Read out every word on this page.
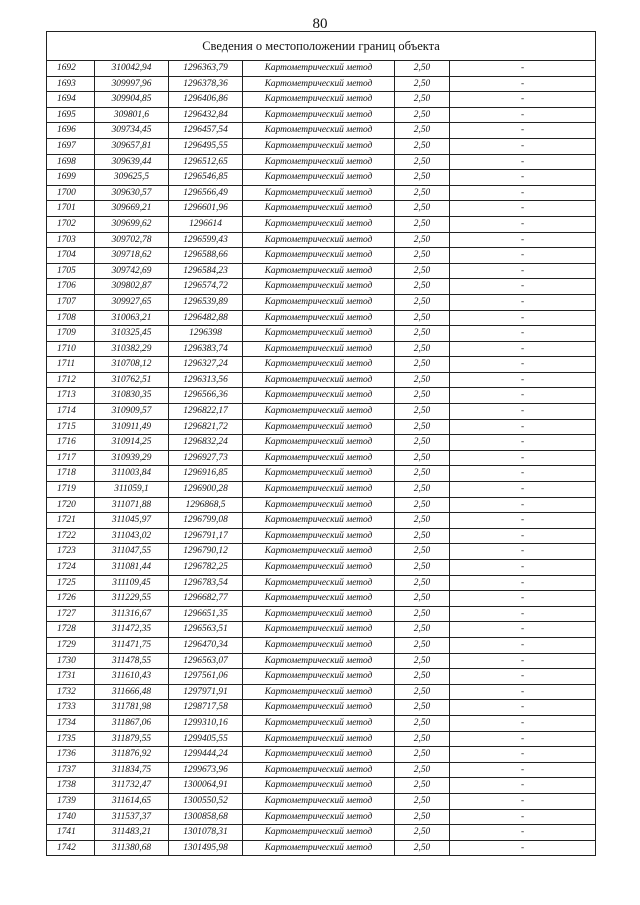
80
Сведения о местоположении границ объекта					
1692	310042,94	1296363,79	Картометрический метод	2,50	-
1693	309997,96	1296378,36	Картометрический метод	2,50	-
1694	309904,85	1296406,86	Картометрический метод	2,50	-
1695	309801,6	1296432,84	Картометрический метод	2,50	-
1696	309734,45	1296457,54	Картометрический метод	2,50	-
1697	309657,81	1296495,55	Картометрический метод	2,50	-
1698	309639,44	1296512,65	Картометрический метод	2,50	-
1699	309625,5	1296546,85	Картометрический метод	2,50	-
1700	309630,57	1296566,49	Картометрический метод	2,50	-
1701	309669,21	1296601,96	Картометрический метод	2,50	-
1702	309699,62	1296614	Картометрический метод	2,50	-
1703	309702,78	1296599,43	Картометрический метод	2,50	-
1704	309718,62	1296588,66	Картометрический метод	2,50	-
1705	309742,69	1296584,23	Картометрический метод	2,50	-
1706	309802,87	1296574,72	Картометрический метод	2,50	-
1707	309927,65	1296539,89	Картометрический метод	2,50	-
1708	310063,21	1296482,88	Картометрический метод	2,50	-
1709	310325,45	1296398	Картометрический метод	2,50	-
1710	310382,29	1296383,74	Картометрический метод	2,50	-
1711	310708,12	1296327,24	Картометрический метод	2,50	-
1712	310762,51	1296313,56	Картометрический метод	2,50	-
1713	310830,35	1296566,36	Картометрический метод	2,50	-
1714	310909,57	1296822,17	Картометрический метод	2,50	-
1715	310911,49	1296821,72	Картометрический метод	2,50	-
1716	310914,25	1296832,24	Картометрический метод	2,50	-
1717	310939,29	1296927,73	Картометрический метод	2,50	-
1718	311003,84	1296916,85	Картометрический метод	2,50	-
1719	311059,1	1296900,28	Картометрический метод	2,50	-
1720	311071,88	1296868,5	Картометрический метод	2,50	-
1721	311045,97	1296799,08	Картометрический метод	2,50	-
1722	311043,02	1296791,17	Картометрический метод	2,50	-
1723	311047,55	1296790,12	Картометрический метод	2,50	-
1724	311081,44	1296782,25	Картометрический метод	2,50	-
1725	311109,45	1296783,54	Картометрический метод	2,50	-
1726	311229,55	1296682,77	Картометрический метод	2,50	-
1727	311316,67	1296651,35	Картометрический метод	2,50	-
1728	311472,35	1296563,51	Картометрический метод	2,50	-
1729	311471,75	1296470,34	Картометрический метод	2,50	-
1730	311478,55	1296563,07	Картометрический метод	2,50	-
1731	311610,43	1297561,06	Картометрический метод	2,50	-
1732	311666,48	1297971,91	Картометрический метод	2,50	-
1733	311781,98	1298717,58	Картометрический метод	2,50	-
1734	311867,06	1299310,16	Картометрический метод	2,50	-
1735	311879,55	1299405,55	Картометрический метод	2,50	-
1736	311876,92	1299444,24	Картометрический метод	2,50	-
1737	311834,75	1299673,96	Картометрический метод	2,50	-
1738	311732,47	1300064,91	Картометрический метод	2,50	-
1739	311614,65	1300550,52	Картометрический метод	2,50	-
1740	311537,37	1300858,68	Картометрический метод	2,50	-
1741	311483,21	1301078,31	Картометрический метод	2,50	-
1742	311380,68	1301495,98	Картометрический метод	2,50	-
